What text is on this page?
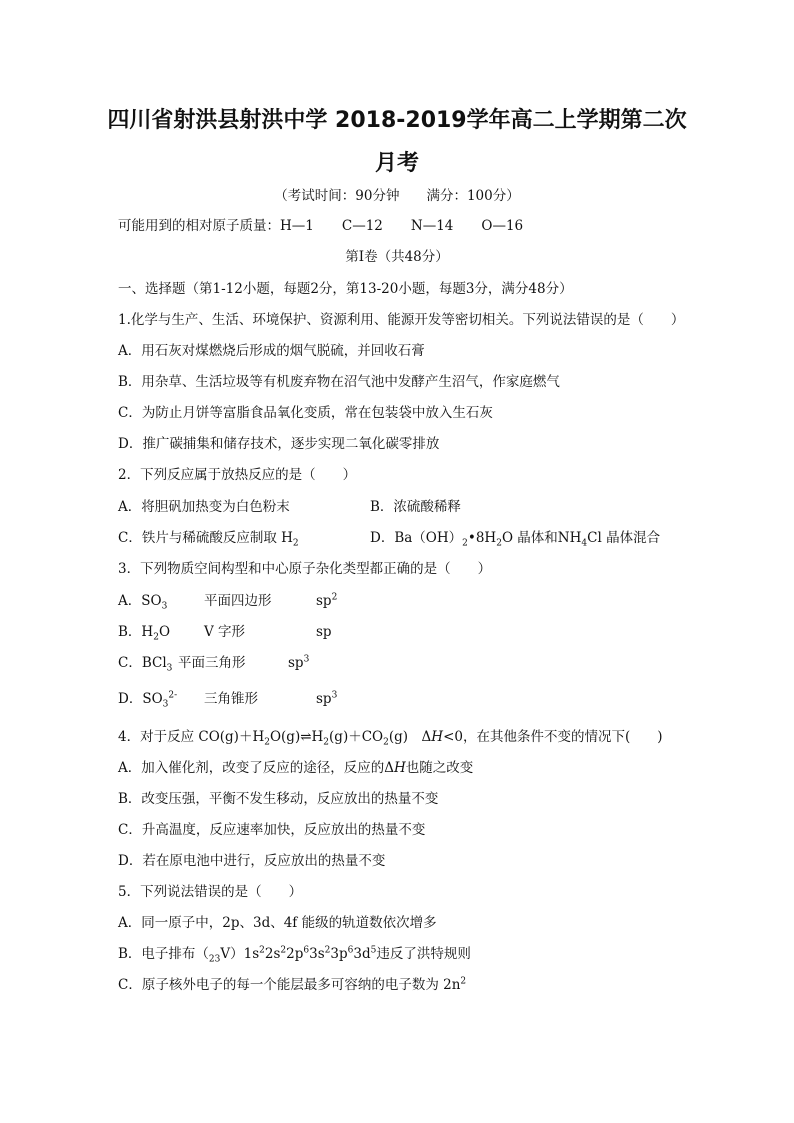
四川省射洪县射洪中学 2018-2019学年高二上学期第二次
月考
（考试时间：90分钟　　满分：100分）
可能用到的相对原子质量：H—1 C—12 N—14 O—16
第Ⅰ卷（共48分）
一、选择题（第1-12小题，每题2分，第13-20小题，每题3分，满分48分）
1.化学与生产、生活、环境保护、资源利用、能源开发等密切相关。下列说法错误的是（　　）
A．用石灰对煤燃烧后形成的烟气脱硫，并回收石膏
B．用杂草、生活垃圾等有机废弃物在沼气池中发酵产生沼气，作家庭燃气
C．为防止月饼等富脂食品氧化变质，常在包装袋中放入生石灰
D．推广碳捕集和储存技术，逐步实现二氧化碳零排放
2．下列反应属于放热反应的是（　　）
A．将胆矾加热变为白色粉末	B．浓硫酸稀释
C．铁片与稀硫酸反应制取 $H_2$	D．$Ba(OH)_2•8H_2O$ 晶体和$NH_4Cl$ 晶体混合
3．下列物质空间构型和中心原子杂化类型都正确的是（　　）
A．$SO_3$	平面四边形	$sp^2$
B．$H_2O$	V 字形	sp
C．BCl$_3$ 平面三角形	$sp^3$
D．$SO_3^{2-}$ 三角锥形	$sp^3$
4．对于反应 $CO(g)+H_2O(g)\rightleftharpoons H_2(g)+CO_2(g)$　ΔH<0，在其他条件不变的情况下(　　)
A．加入催化剂，改变了反应的途径，反应的ΔH也随之改变
B．改变压强，平衡不发生移动，反应放出的热量不变
C．升高温度，反应速率加快，反应放出的热量不变
D．若在原电池中进行，反应放出的热量不变
5．下列说法错误的是（　　）
A．同一原子中，2p、3d、4f 能级的轨道数依次增多
B．电子排布$(_{23}V)1s^22s^22p^63s^23p^63d^5$违反了洪特规则
C．原子核外电子的每一个能层最多可容纳的电子数为 $2n^2$
